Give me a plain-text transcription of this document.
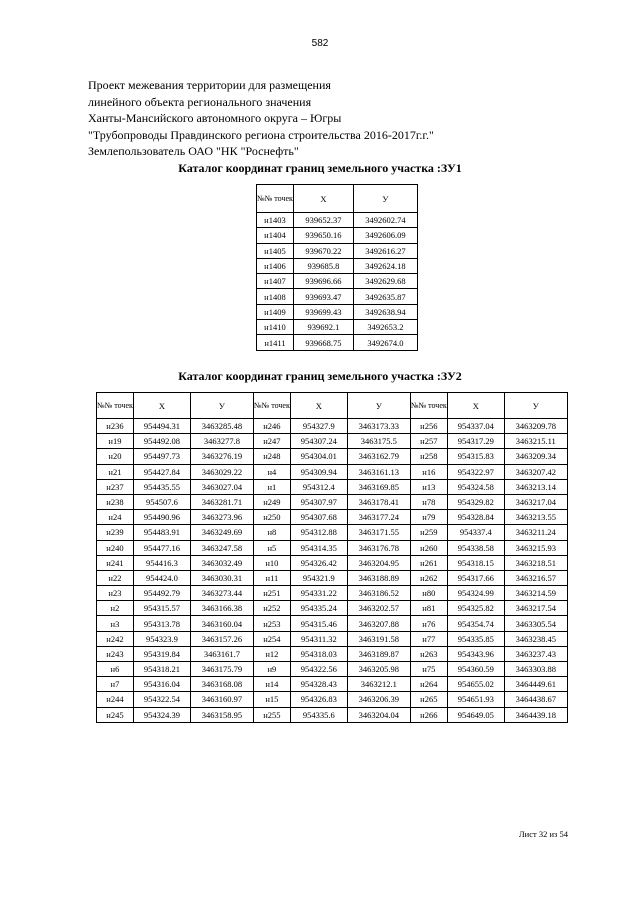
582
Проект межевания территории для размещения
линейного объекта регионального значения
Ханты-Мансийского автономного округа – Югры
"Трубопроводы Правдинского региона строительства 2016-2017г.г."
Землепользователь ОАО "НК "Роснефть"
Каталог координат границ земельного участка :ЗУ1
№№ точек	Х	У
н1403	939652.37	3492602.74
н1404	939650.16	3492606.09
н1405	939670.22	3492616.27
н1406	939685.8	3492624.18
н1407	939696.66	3492629.68
н1408	939693.47	3492635.87
н1409	939699.43	3492638.94
н1410	939692.1	3492653.2
н1411	939668.75	3492674.0
Каталог координат границ земельного участка :ЗУ2
№№ точек	Х	У	№№ точек	Х	У	№№ точек	Х	У
н236	954494.31	3463285.48	н246	954327.9	3463173.33	н256	954337.04	3463209.78
н19	954492.08	3463277.8	н247	954307.24	3463175.5	н257	954317.29	3463215.11
н20	954497.73	3463276.19	н248	954304.01	3463162.79	н258	954315.83	3463209.34
н21	954427.84	3463029.22	н4	954309.94	3463161.13	н16	954322.97	3463207.42
н237	954435.55	3463027.04	н1	954312.4	3463169.85	н13	954324.58	3463213.14
н238	954507.6	3463281.71	н249	954307.97	3463178.41	н78	954329.82	3463217.04
н24	954490.96	3463273.96	н250	954307.68	3463177.24	н79	954328.84	3463213.55
н239	954483.91	3463249.69	н8	954312.88	3463171.55	н259	954337.4	3463211.24
н240	954477.16	3463247.58	н5	954314.35	3463176.78	н260	954338.58	3463215.93
н241	954416.3	3463032.49	н10	954326.42	3463204.95	н261	954318.15	3463218.51
н22	954424.0	3463030.31	н11	954321.9	3463188.89	н262	954317.66	3463216.57
н23	954492.79	3463273.44	н251	954331.22	3463186.52	н80	954324.99	3463214.59
н2	954315.57	3463166.38	н252	954335.24	3463202.57	н81	954325.82	3463217.54
н3	954313.78	3463160.04	н253	954315.46	3463207.88	н76	954354.74	3463305.54
н242	954323.9	3463157.26	н254	954311.32	3463191.58	н77	954335.85	3463238.45
н243	954319.84	3463161.7	н12	954318.03	3463189.87	н263	954343.96	3463237.43
н6	954318.21	3463175.79	н9	954322.56	3463205.98	н75	954360.59	3463303.88
н7	954316.04	3463168.08	н14	954328.43	3463212.1	н264	954655.02	3464449.61
н244	954322.54	3463160.97	н15	954326.83	3463206.39	н265	954651.93	3464438.67
н245	954324.39	3463158.95	н255	954335.6	3463204.04	н266	954649.05	3464439.18
Лист 32 из 54
